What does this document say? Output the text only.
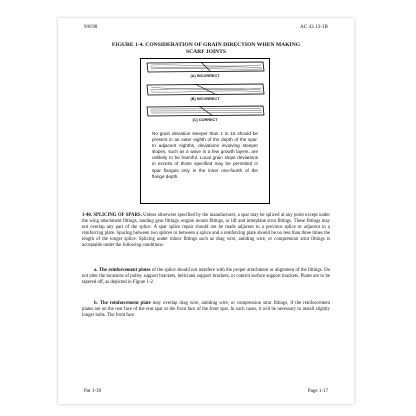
9/8/98	AC 43.13-1B
FIGURE 1-4. CONSIDERATION OF GRAIN DIRECTION WHEN MAKING
SCARF JOINTS
(A) INCORRECT
(B) INCORRECT
(C) CORRECT
No grain deviation steeper than 1 in 15 should be present in an outer eighth of the depth of the spar. In adjacent eighths, deviations involving steeper slopes, such as a wave in a few growth layers, are unlikely to be harmful. Local grain slope deviations in excess of those specified may be permitted in spar flanges only in the inner one-fourth of the flange depth.
1-40. SPLICING OF SPARS. Unless otherwise specified by the manufacturer, a spar may be spliced at any point except under the wing attachment fittings, landing gear fittings, engine mount fittings, or lift and interplane strut fittings. These fittings may not overlap any part of the splice. A spar splice repair should not be made adjacent to a previous splice or adjacent to a reinforcing plate. Spacing between two splices or between a splice and a reinforcing plate should be no less than three times the length of the longer splice. Splicing under minor fittings such as drag wire, antidrag wire, or compression strut fittings is acceptable under the following conditions:
a. The reinforcement plates of the splice should not interfere with the proper attachment or alignment of the fittings. Do not alter the locations of pulley support brackets, bellcrank support brackets, or control surface support brackets. Plates are to be tapered off, as depicted in Figure 1-2.
b. The reinforcement plate may overlap drag wire, antidrag wire, or compression strut fittings, if the reinforcement plates are on the rear face of the rear spar or the front face of the front spar. In such cases, it will be necessary to install slightly longer bolts. The front face
Par 1-39	Page 1-17
